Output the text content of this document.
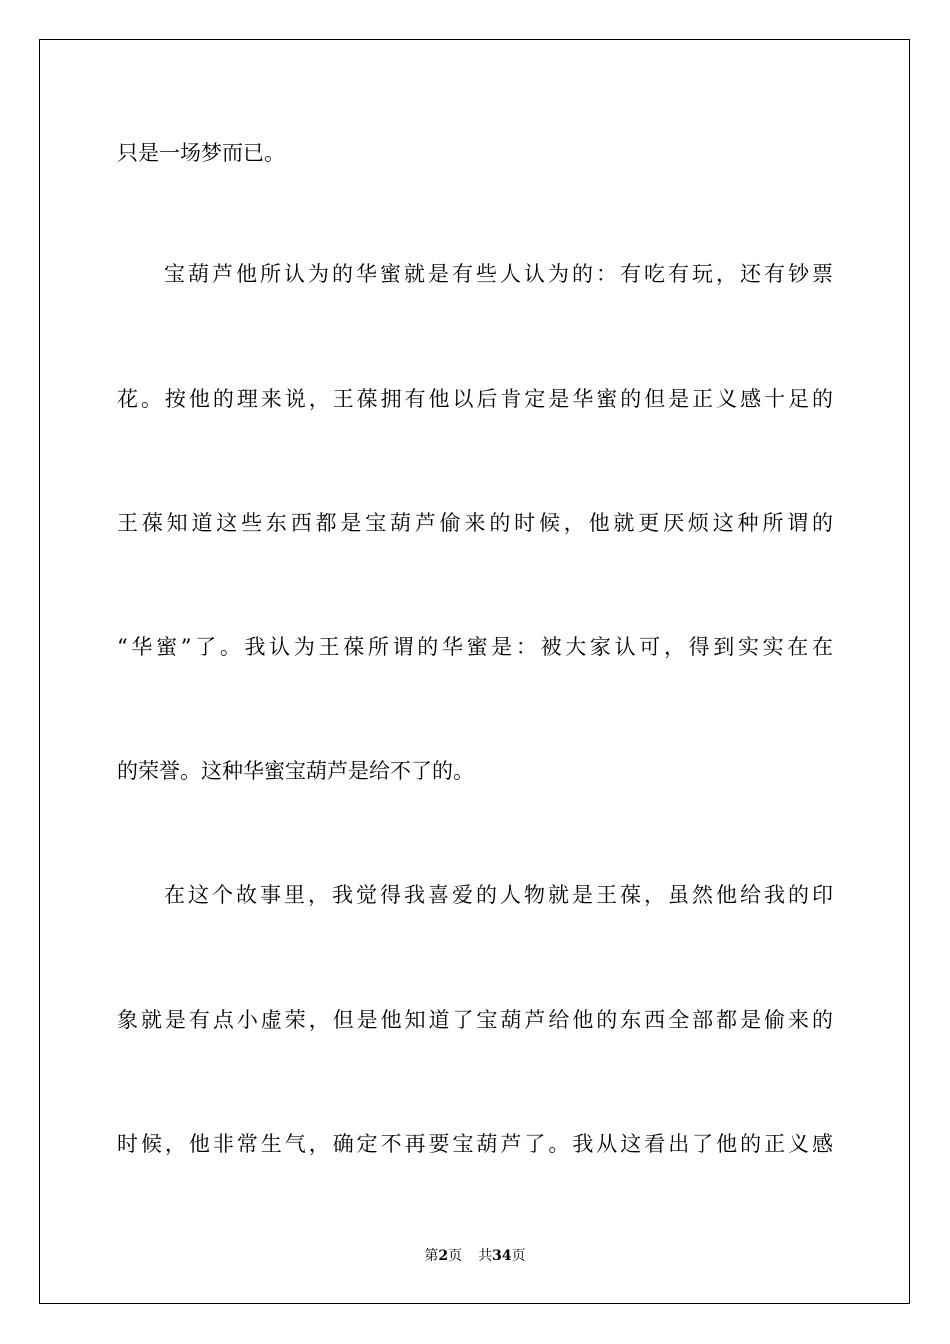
只是一场梦而已。
宝葫芦他所认为的华蜜就是有些人认为的：有吃有玩，还有钞票
花。按他的理来说，王葆拥有他以后肯定是华蜜的但是正义感十足的
王葆知道这些东西都是宝葫芦偷来的时候，他就更厌烦这种所谓的
“华蜜”了。我认为王葆所谓的华蜜是：被大家认可，得到实实在在
的荣誉。这种华蜜宝葫芦是给不了的。
在这个故事里，我觉得我喜爱的人物就是王葆，虽然他给我的印
象就是有点小虚荣，但是他知道了宝葫芦给他的东西全部都是偷来的
时候，他非常生气，确定不再要宝葫芦了。我从这看出了他的正义感
第2页 共34页
